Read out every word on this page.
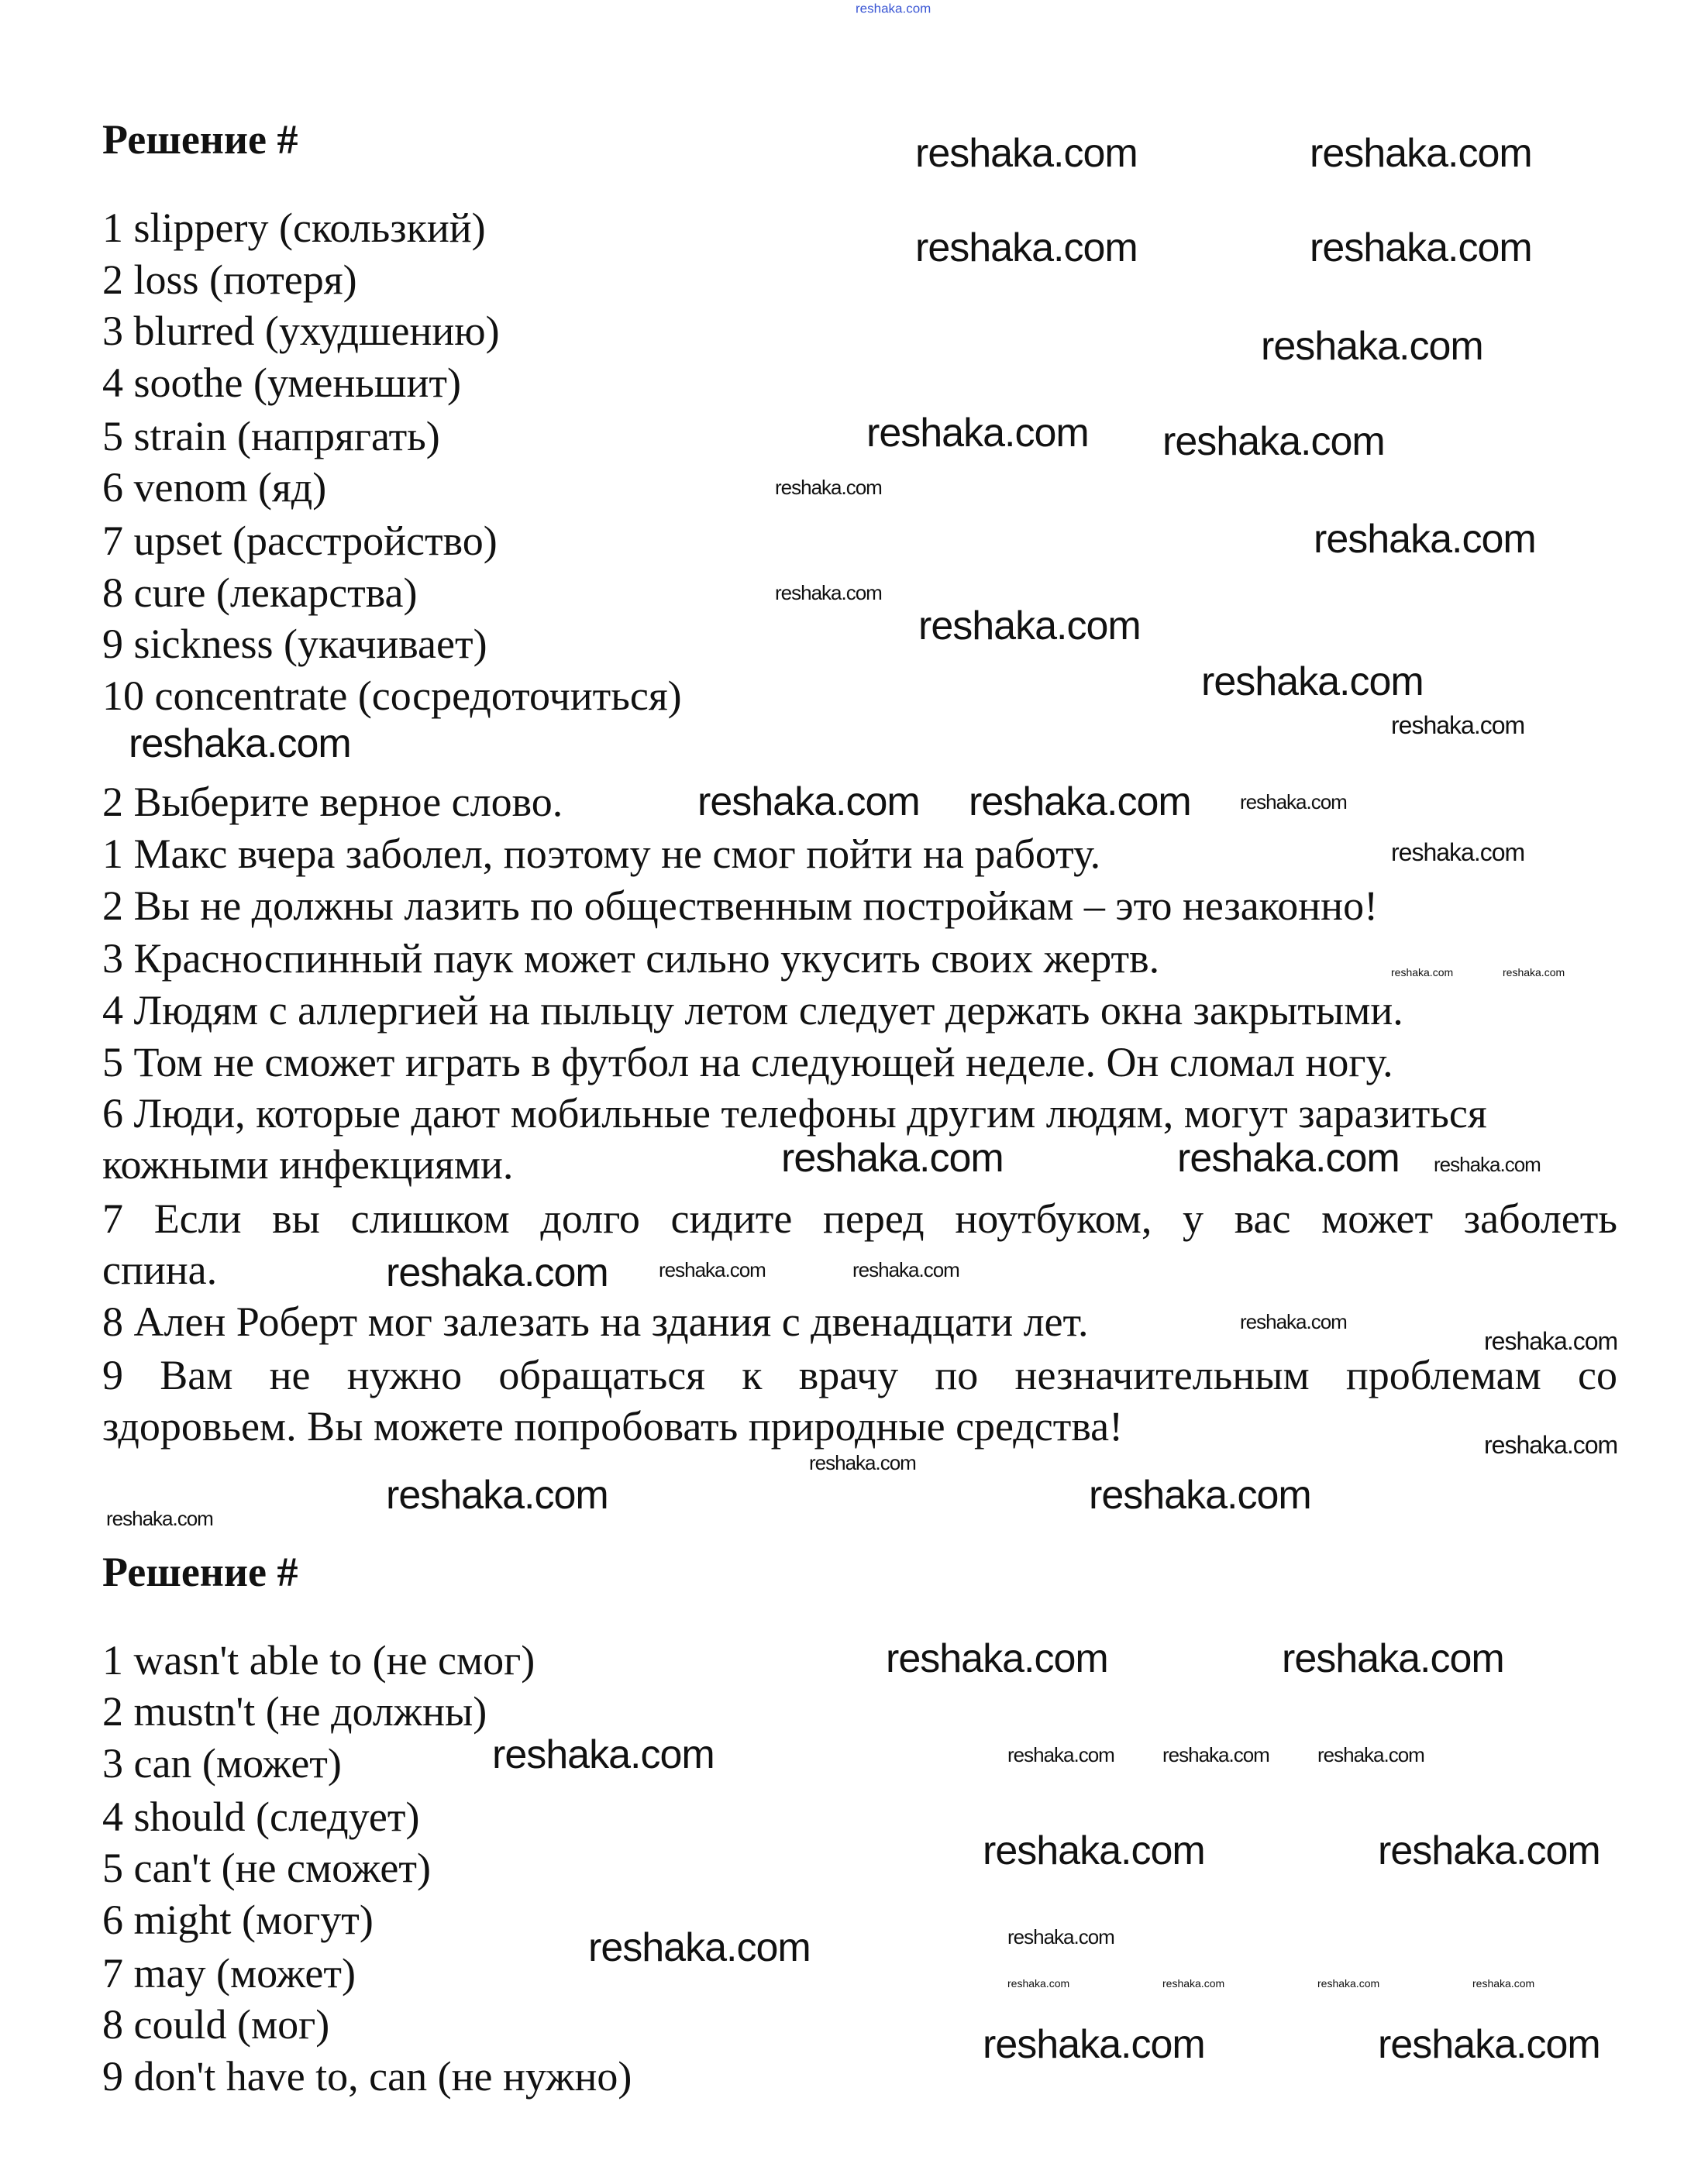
Решение #
1 slippery (скользкий)
2 loss (потеря)
3 blurred (ухудшению)
4 soothe (уменьшит)
5 strain (напрягать)
6 venom (яд)
7 upset (расстройство)
8 cure (лекарства)
9 sickness (укачивает)
10 concentrate (сосредоточиться)
2 Выберите верное слово.
1 Макс вчера заболел, поэтому не смог пойти на работу.
2 Вы не должны лазить по общественным постройкам – это незаконно!
3 Красноспинный паук может сильно укусить своих жертв.
4 Людям с аллергией на пыльцу летом следует держать окна закрытыми.
5 Том не сможет играть в футбол на следующей неделе. Он сломал ногу.
6 Люди, которые дают мобильные телефоны другим людям, могут заразиться
кожными инфекциями.
7 Если вы слишком долго сидите перед ноутбуком, у вас может заболеть
спина.
8 Ален Роберт мог залезать на здания с двенадцати лет.
9 Вам не нужно обращаться к врачу по незначительным проблемам со
здоровьем. Вы можете попробовать природные средства!
Решение #
1 wasn't able to (не смог)
2 mustn't (не должны)
3 can (может)
4 should (следует)
5 can't (не сможет)
6 might (могут)
7 may (может)
8 could (мог)
9 don't have to, can (не нужно)
reshaka.com
reshaka.com	reshaka.com
reshaka.com	reshaka.com
reshaka.com
reshaka.com
reshaka.com
reshaka.com
reshaka.com
reshaka.com
reshaka.com
reshaka.com reshaka.com
reshaka.com	reshaka.com
reshaka.com
reshaka.com	reshaka.com
reshaka.com	reshaka.com
reshaka.com
reshaka.com	reshaka.com
reshaka.com
reshaka.com	reshaka.com
reshaka.com
reshaka.com
reshaka.com
reshaka.com
reshaka.com
reshaka.com
reshaka.com
reshaka.com
reshaka.com	reshaka.com
reshaka.com
reshaka.com
reshaka.com
reshaka.com reshaka.com reshaka.com
reshaka.com
reshaka.com	reshaka.com
reshaka.com	reshaka.com	reshaka.com	reshaka.com
